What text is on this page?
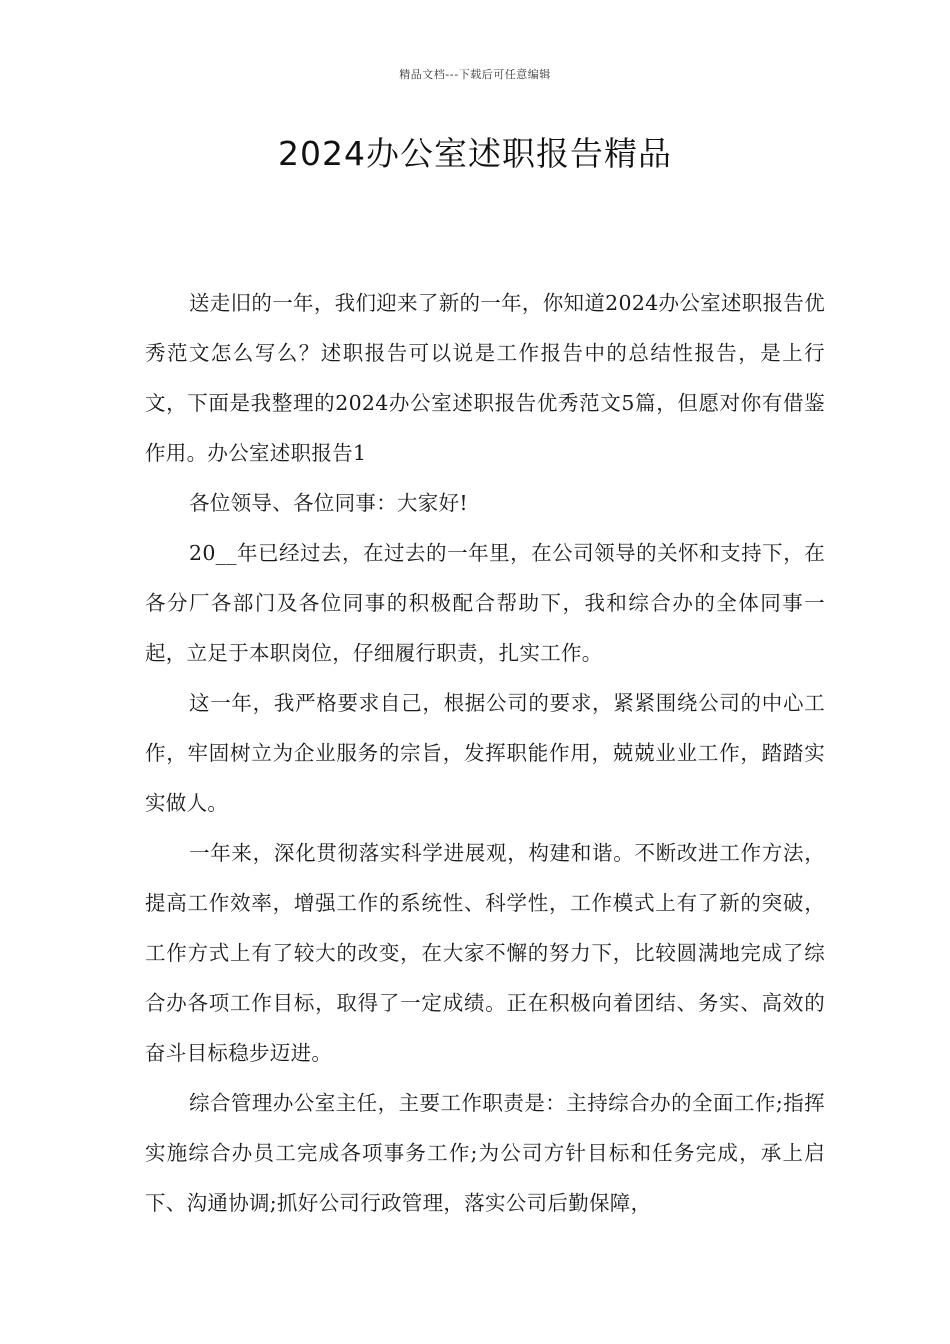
精品文档---下载后可任意编辑
2024办公室述职报告精品

送走旧的一年，我们迎来了新的一年，你知道2024办公室述职报告优秀范文怎么写么？述职报告可以说是工作报告中的总结性报告，是上行文，下面是我整理的2024办公室述职报告优秀范文5篇，但愿对你有借鉴作用。办公室述职报告1

各位领导、各位同事：大家好!

20__年已经过去，在过去的一年里，在公司领导的关怀和支持下，在各分厂各部门及各位同事的积极配合帮助下，我和综合办的全体同事一起，立足于本职岗位，仔细履行职责，扎实工作。

这一年，我严格要求自己，根据公司的要求，紧紧围绕公司的中心工作，牢固树立为企业服务的宗旨，发挥职能作用，兢兢业业工作，踏踏实实做人。

一年来，深化贯彻落实科学进展观，构建和谐。不断改进工作方法，提高工作效率，增强工作的系统性、科学性，工作模式上有了新的突破，工作方式上有了较大的改变，在大家不懈的努力下，比较圆满地完成了综合办各项工作目标，取得了一定成绩。正在积极向着团结、务实、高效的奋斗目标稳步迈进。

综合管理办公室主任，主要工作职责是：主持综合办的全面工作;指挥实施综合办员工完成各项事务工作;为公司方针目标和任务完成，承上启下、沟通协调;抓好公司行政管理，落实公司后勤保障，
